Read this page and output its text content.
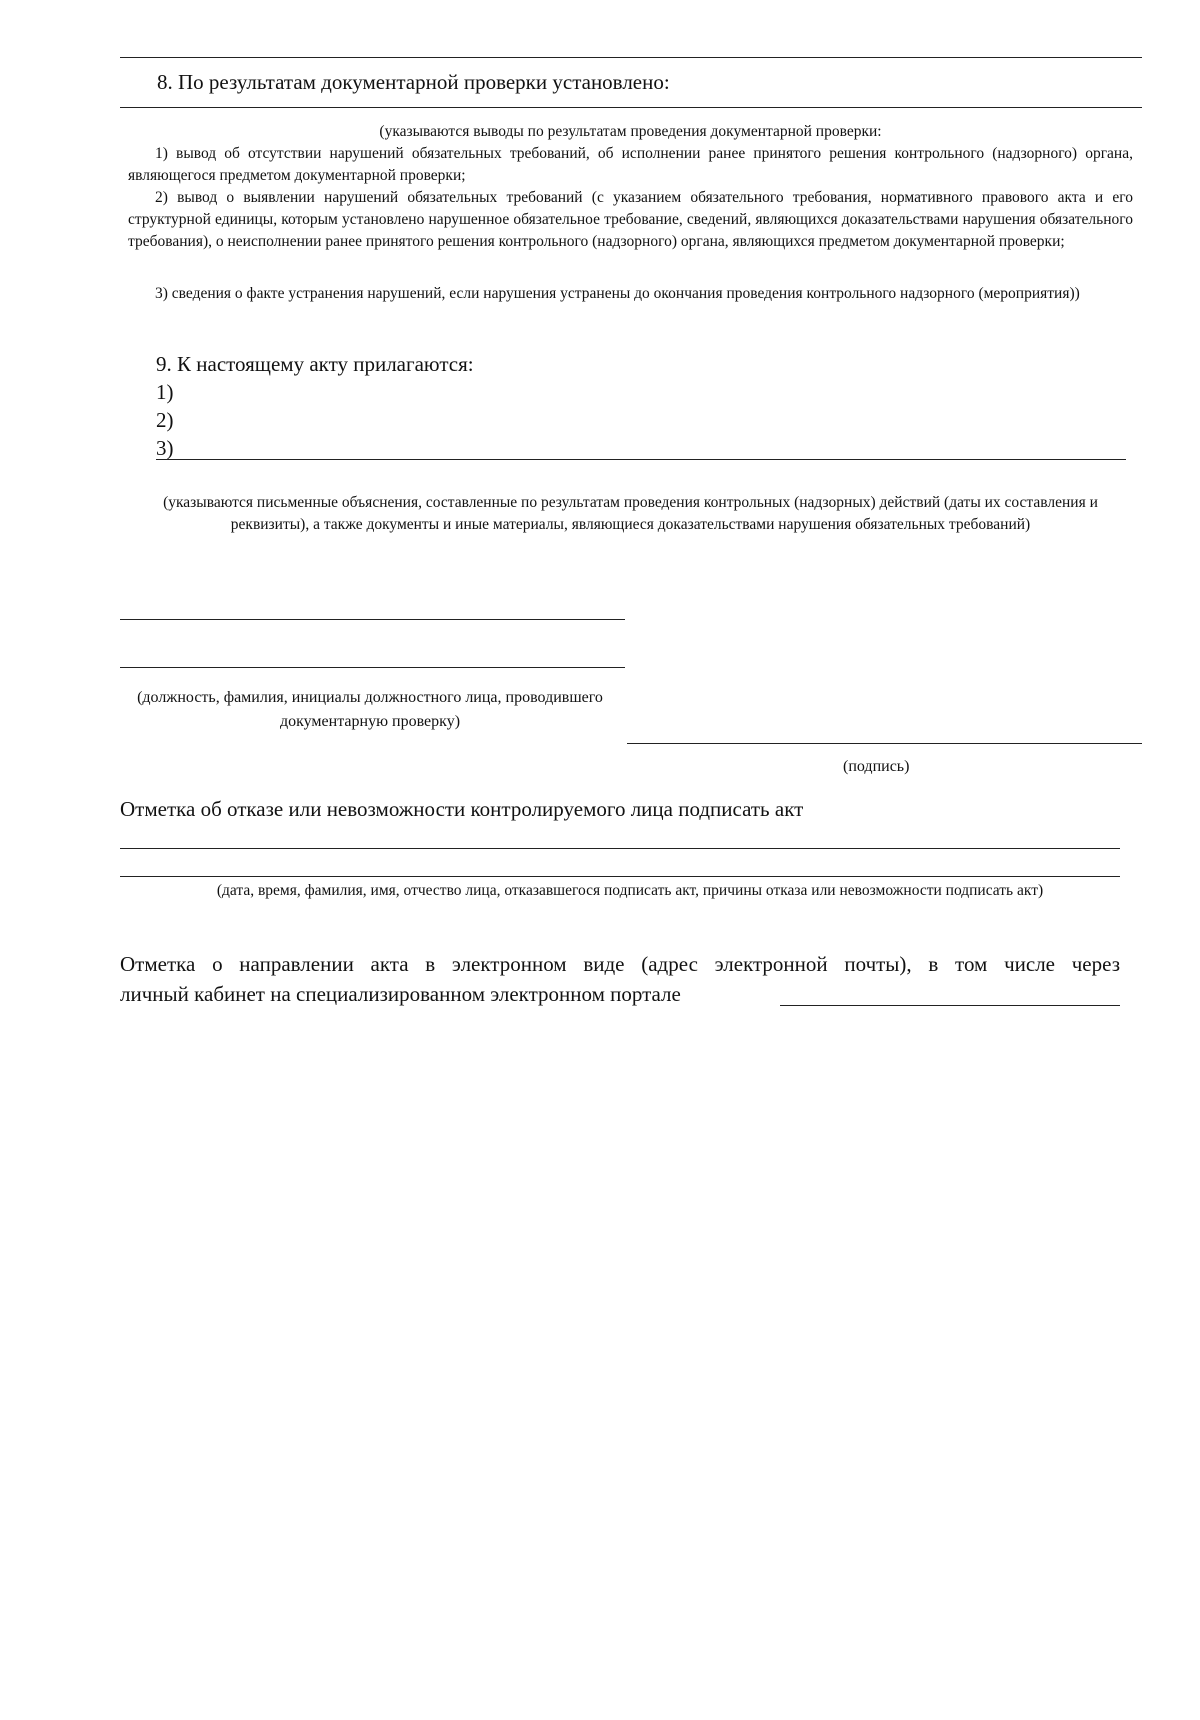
8. По результатам документарной проверки установлено:
(указываются выводы по результатам проведения документарной проверки:
1) вывод об отсутствии нарушений обязательных требований, об исполнении ранее принятого решения контрольного (надзорного) органа, являющегося предметом документарной проверки;
2) вывод о выявлении нарушений обязательных требований (с указанием обязательного требования, нормативного правового акта и его структурной единицы, которым установлено нарушенное обязательное требование, сведений, являющихся доказательствами нарушения обязательного требования), о неисполнении ранее принятого решения контрольного (надзорного) органа, являющихся предметом документарной проверки;
3) сведения о факте устранения нарушений, если нарушения устранены до окончания проведения контрольного надзорного (мероприятия))
9. К настоящему акту прилагаются:
1)
2)
3)
(указываются письменные объяснения, составленные по результатам проведения контрольных (надзорных) действий (даты их составления и реквизиты), а также документы и иные материалы, являющиеся доказательствами нарушения обязательных требований)
(должность, фамилия, инициалы должностного лица, проводившего документарную проверку)
(подпись)
Отметка об отказе или невозможности контролируемого лица подписать акт
(дата, время, фамилия, имя, отчество лица, отказавшегося подписать акт, причины отказа или невозможности подписать акт)
Отметка о направлении акта в электронном виде (адрес электронной почты), в том числе через
личный кабинет на специализированном электронном портале
